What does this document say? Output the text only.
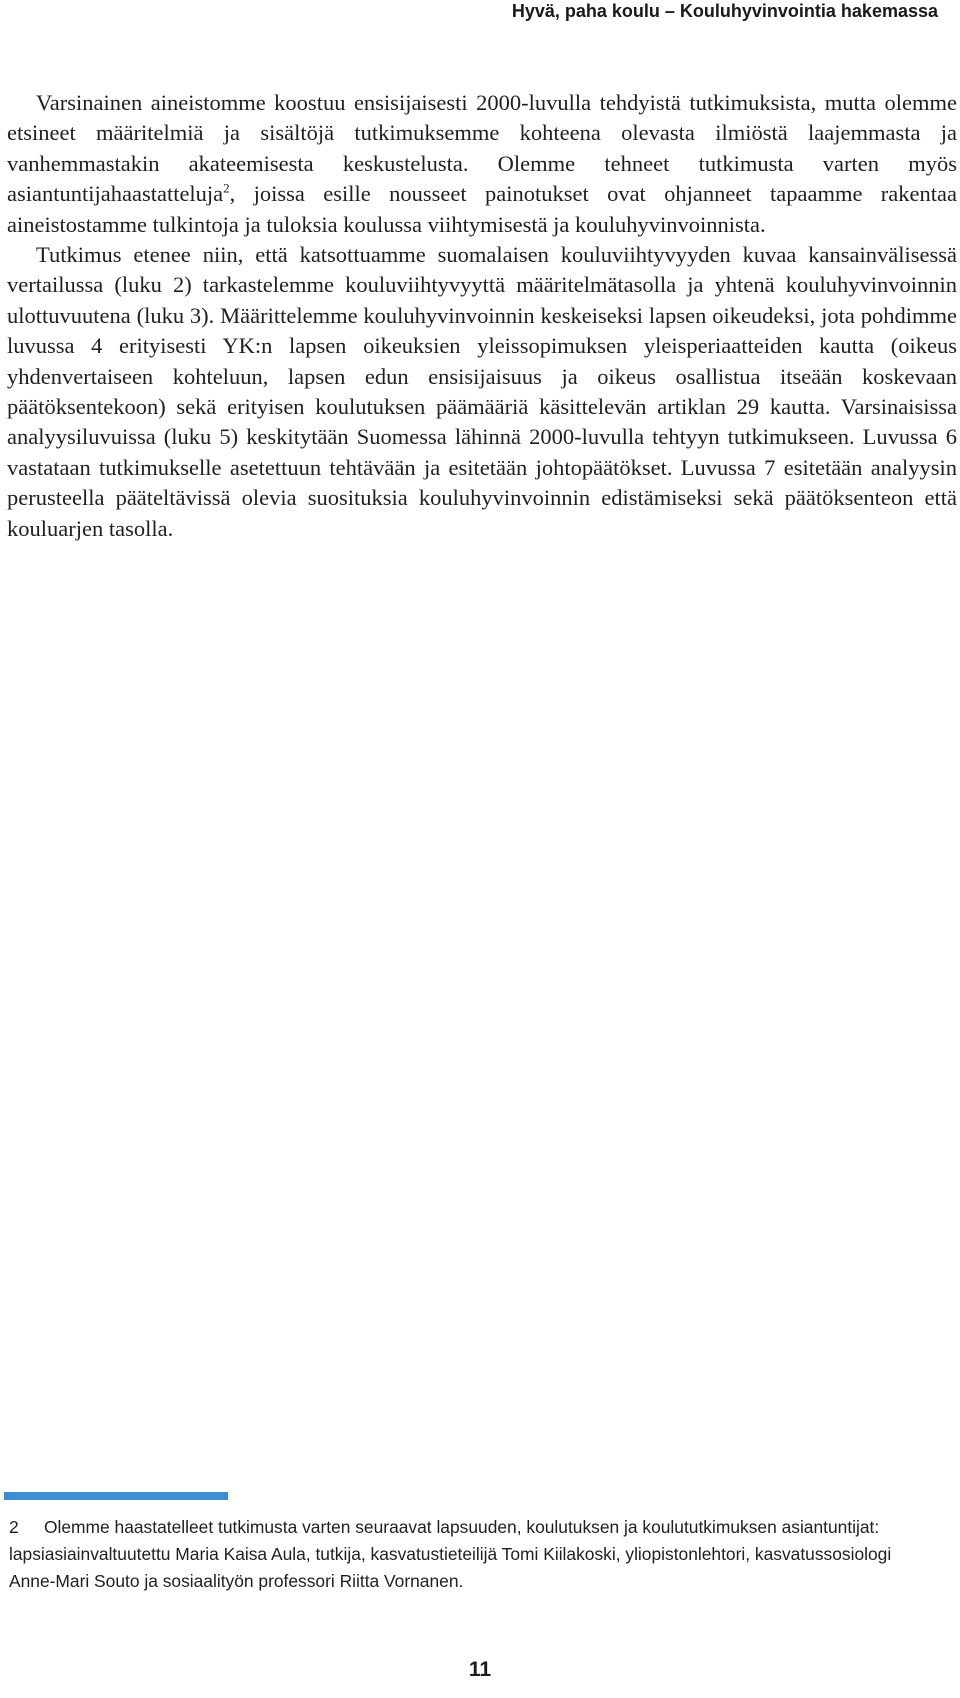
Hyvä, paha koulu – Kouluhyvinvointia hakemassa

Varsinainen aineistomme koostuu ensisijaisesti 2000-luvulla tehdyistä tutkimuksista, mutta olemme etsineet määritelmiä ja sisältöjä tutkimuksemme kohteena olevasta ilmiöstä laajemmasta ja vanhemmastakin akateemisesta keskustelusta. Olemme tehneet tutkimusta varten myös asiantuntijahaastatteluja$^2$, joissa esille nousseet painotukset ovat ohjanneet tapaamme rakentaa aineistostamme tulkintoja ja tuloksia koulussa viihtymisestä ja kouluhyvinvoinnista.

Tutkimus etenee niin, että katsottuamme suomalaisen kouluviihtyvyyden kuvaa kansainvälisessä vertailussa (luku 2) tarkastelemme kouluviihtyvyyttä määritelmätasolla ja yhtenä kouluhyvinvoinnin ulottuvuutena (luku 3). Määrittelemme kouluhyvinvoinnin keskeiseksi lapsen oikeudeksi, jota pohdimme luvussa 4 erityisesti YK:n lapsen oikeuksien yleissopimuksen yleisperiaatteiden kautta (oikeus yhdenvertaiseen kohteluun, lapsen edun ensisijaisuus ja oikeus osallistua itseään koskevaan päätöksentekoon) sekä erityisen koulutuksen päämääriä käsittelevän artiklan 29 kautta. Varsinaisissa analyysiluvuissa (luku 5) keskitytään Suomessa lähinnä 2000-luvulla tehtyyn tutkimukseen. Luvussa 6 vastataan tutkimukselle asetettuun tehtävään ja esitetään johtopäätökset. Luvussa 7 esitetään analyysin perusteella pääteltävissä olevia suosituksia kouluhyvinvoinnin edistämiseksi sekä päätöksenteon että kouluarjen tasolla.

2 Olemme haastatelleet tutkimusta varten seuraavat lapsuuden, koulutuksen ja koulututkimuksen asiantuntijat: lapsiasiainvaltuutettu Maria Kaisa Aula, tutkija, kasvatustieteilijä Tomi Kiilakoski, yliopistonlehtori, kasvatussosiologi Anne-Mari Souto ja sosiaalityön professori Riitta Vornanen.
11
